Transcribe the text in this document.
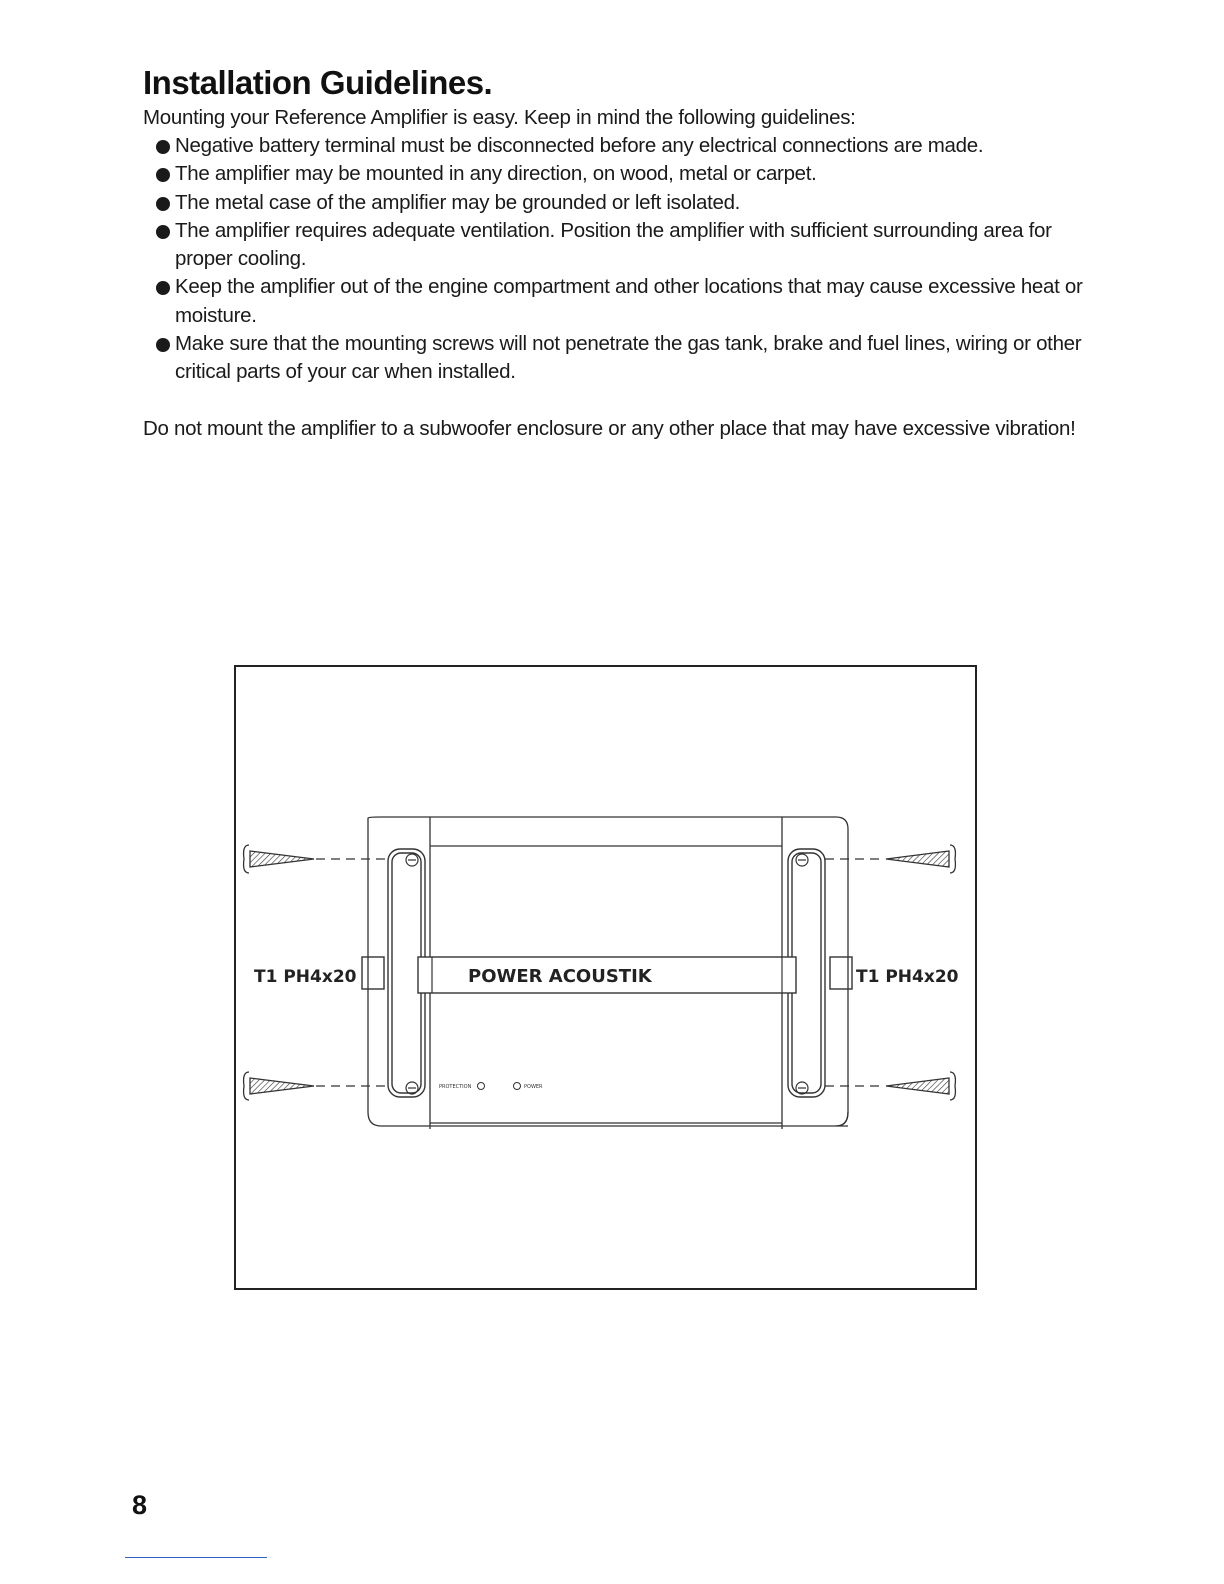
Installation Guidelines.

Mounting your Reference Amplifier is easy. Keep in mind the following guidelines:

Negative battery terminal must be disconnected before any electrical connections are made.
The amplifier may be mounted in any direction, on wood, metal or carpet.
The metal case of the amplifier may be grounded or left isolated.
The amplifier requires adequate ventilation. Position the amplifier with sufficient surrounding area for proper cooling.
Keep the amplifier out of the engine compartment and other locations that may cause excessive heat or moisture.
Make sure that the mounting screws will not penetrate the gas tank, brake and fuel lines, wiring or other critical parts of your car when installed.

Do not mount the amplifier to a subwoofer enclosure or any other place that may have excessive vibration!

POWER ACOUSTIK
PROTECTION	POWER
T1 PH4x20	T1 PH4x20
8
